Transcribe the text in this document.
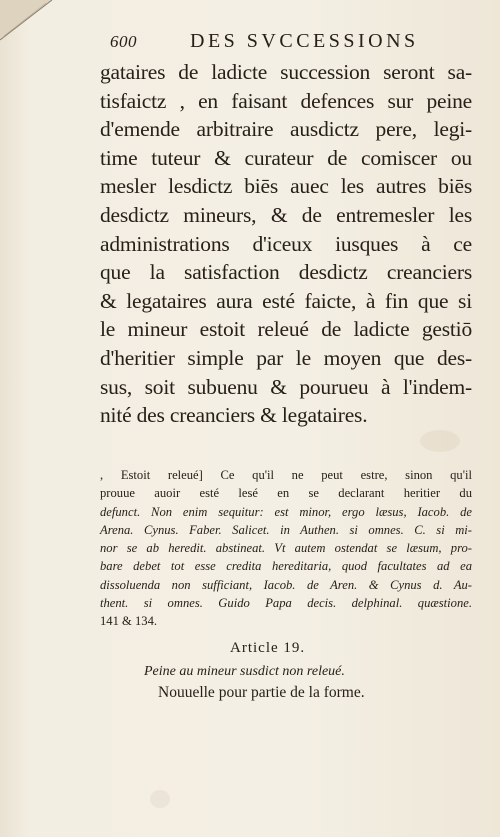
600	DES SVCCESSIONS
gataires de ladicte succession seront sa-
tisfaictz , en faisant defences sur peine
d'emende arbitraire ausdictz pere, legi-
time tuteur & curateur de comiscer ou
mesler lesdictz biēs auec les autres biēs
desdictz mineurs, & de entremesler les
administrations d'iceux iusques à ce
que la satisfaction desdictz creanciers
& legataires aura esté faicte, à fin que si
le mineur estoit releué de ladicte gestiō
d'heritier simple par le moyen que des-
sus, soit subuenu & pourueu à l'indem-
nité des creanciers & legataires.
, Estoit releué] Ce qu'il ne peut estre, sinon qu'il
prouue auoir esté lesé en se declarant heritier du
defunct. Non enim sequitur: est minor, ergo læsus, Iacob. de
Arena. Cynus. Faber. Salicet. in Authen. si omnes. C. si mi-
nor se ab heredit. abstineat. Vt autem ostendat se læsum, pro-
bare debet tot esse credita hereditaria, quod facultates ad ea
dissoluenda non sufficiant, Iacob. de Aren. & Cynus d. Au-
thent. si omnes. Guido Papa decis. delphinal. quæstione.
141 & 134.
Article 19.
Peine au mineur susdict non releué.
Nouuelle pour partie de la forme.
